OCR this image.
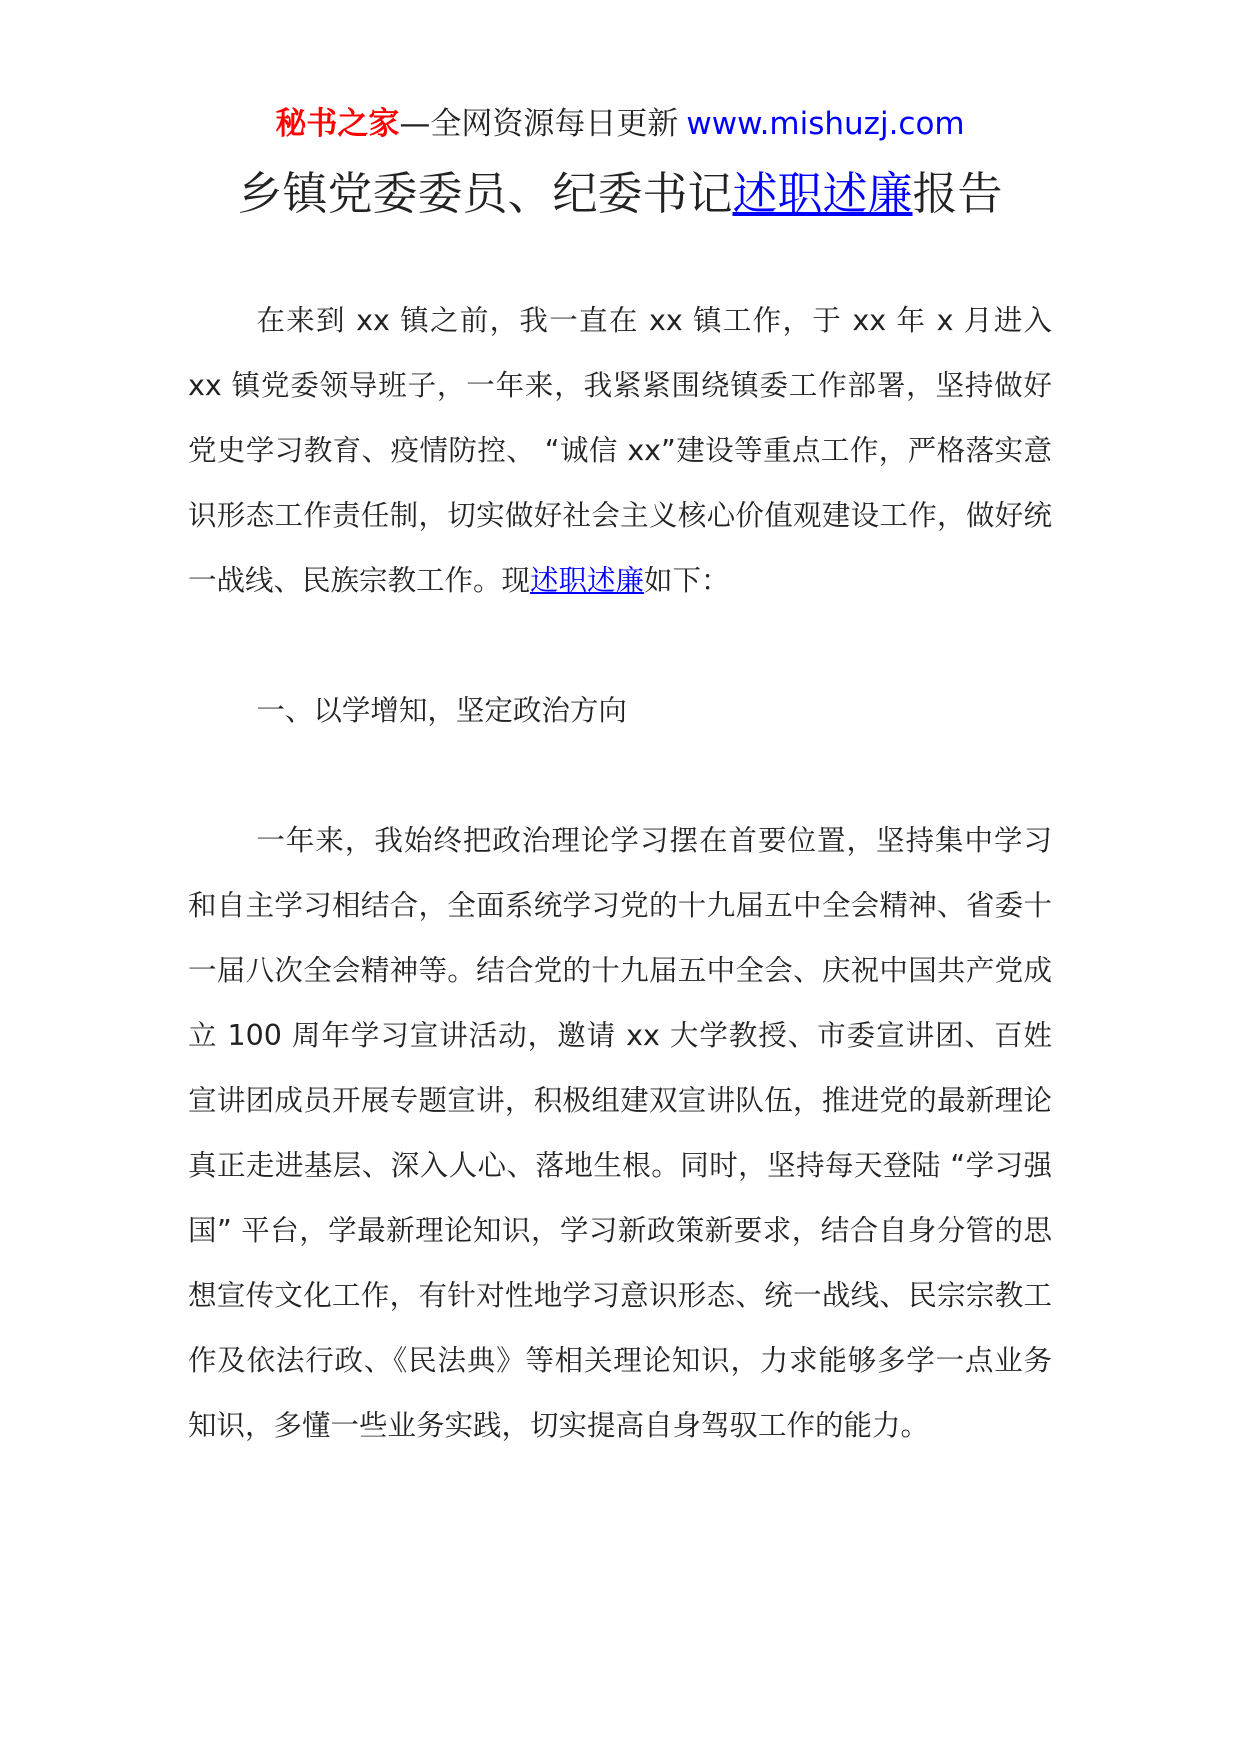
秘书之家—全网资源每日更新 www.mishuzj.com
乡镇党委委员、纪委书记述职述廉报告

在来到 xx 镇之前，我一直在 xx 镇工作，于 xx 年 x 月进入 xx 镇党委领导班子，一年来，我紧紧围绕镇委工作部署，坚持做好党史学习教育、疫情防控、 “诚信 xx”建设等重点工作，严格落实意识形态工作责任制，切实做好社会主义核心价值观建设工作，做好统一战线、民族宗教工作。现述职述廉如下：

一、以学增知，坚定政治方向

一年来，我始终把政治理论学习摆在首要位置，坚持集中学习和自主学习相结合，全面系统学习党的十九届五中全会精神、省委十一届八次全会精神等。结合党的十九届五中全会、庆祝中国共产党成立 100 周年学习宣讲活动，邀请 xx 大学教授、市委宣讲团、百姓宣讲团成员开展专题宣讲，积极组建双宣讲队伍，推进党的最新理论真正走进基层、深入人心、落地生根。同时，坚持每天登陆 “学习强国” 平台，学最新理论知识，学习新政策新要求，结合自身分管的思想宣传文化工作，有针对性地学习意识形态、统一战线、民宗宗教工作及依法行政、《民法典》等相关理论知识，力求能够多学一点业务知识，多懂一些业务实践，切实提高自身驾驭工作的能力。
